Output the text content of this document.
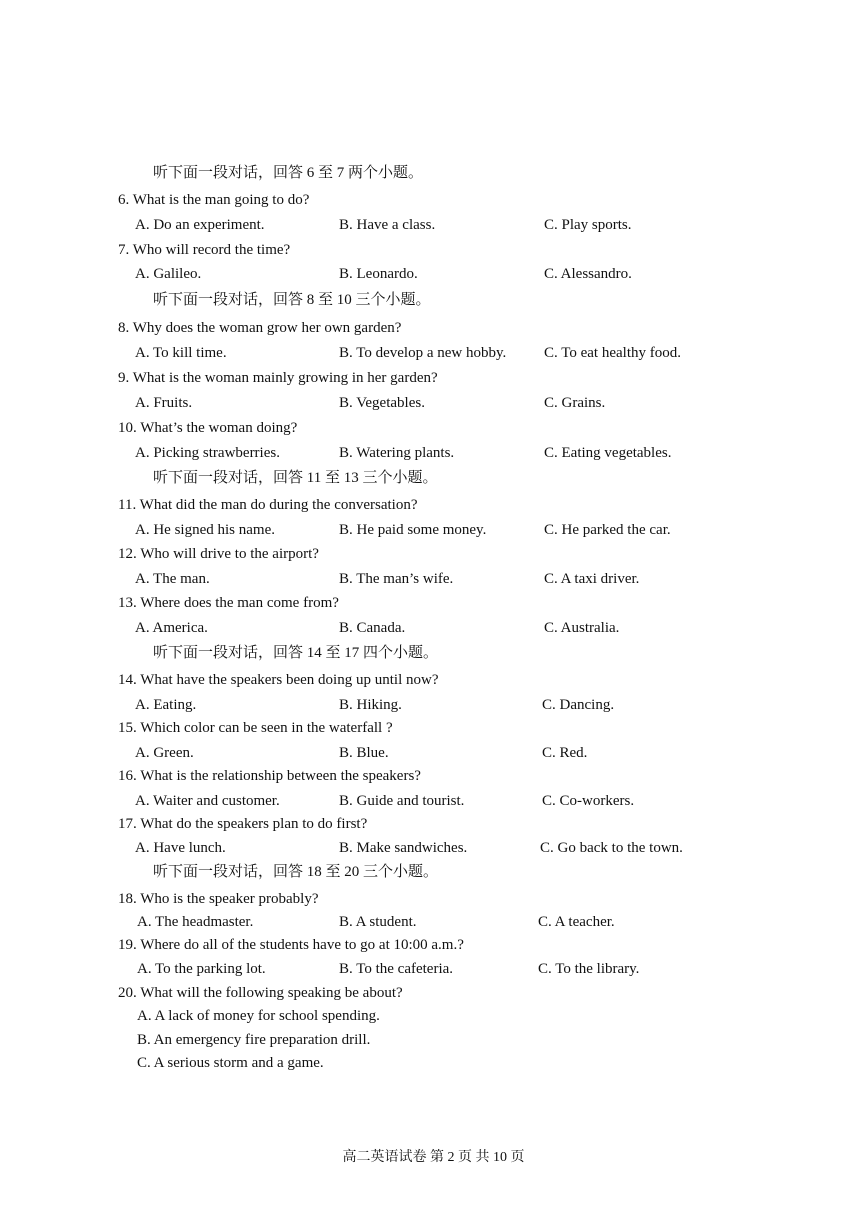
听下面一段对话，回答 6 至 7 两个小题。
6. What is the man going to do?
A. Do an experiment.	B. Have a class.	C. Play sports.
7. Who will record the time?
A. Galileo.	B. Leonardo.	C. Alessandro.
听下面一段对话，回答 8 至 10 三个小题。
8. Why does the woman grow her own garden?
A. To kill time.	B. To develop a new hobby.	C. To eat healthy food.
9. What is the woman mainly growing in her garden?
A. Fruits.	B. Vegetables.	C. Grains.
10. What’s the woman doing?
A. Picking strawberries.	B. Watering plants.	C. Eating vegetables.
听下面一段对话，回答 11 至 13 三个小题。
11. What did the man do during the conversation?
A. He signed his name.	B. He paid some money.	C. He parked the car.
12. Who will drive to the airport?
A. The man.	B. The man’s wife.	C. A taxi driver.
13. Where does the man come from?
A. America.	B. Canada.	C. Australia.
听下面一段对话，回答 14 至 17 四个小题。
14. What have the speakers been doing up until now?
A. Eating.	B. Hiking.	C. Dancing.
15. Which color can be seen in the waterfall ?
A. Green.	B. Blue.	C. Red.
16. What is the relationship between the speakers?
A. Waiter and customer.	B. Guide and tourist.	C. Co-workers.
17. What do the speakers plan to do first?
A. Have lunch.	B. Make sandwiches.	C. Go back to the town.
听下面一段对话，回答 18 至 20 三个小题。
18. Who is the speaker probably?
A. The headmaster.	B. A student.	C. A teacher.
19. Where do all of the students have to go at 10:00 a.m.?
A. To the parking lot.	B. To the cafeteria.	C. To the library.
20. What will the following speaking be about?
A. A lack of money for school spending.
B. An emergency fire preparation drill.
C. A serious storm and a game.
高二英语试卷 第 2 页 共 10 页
